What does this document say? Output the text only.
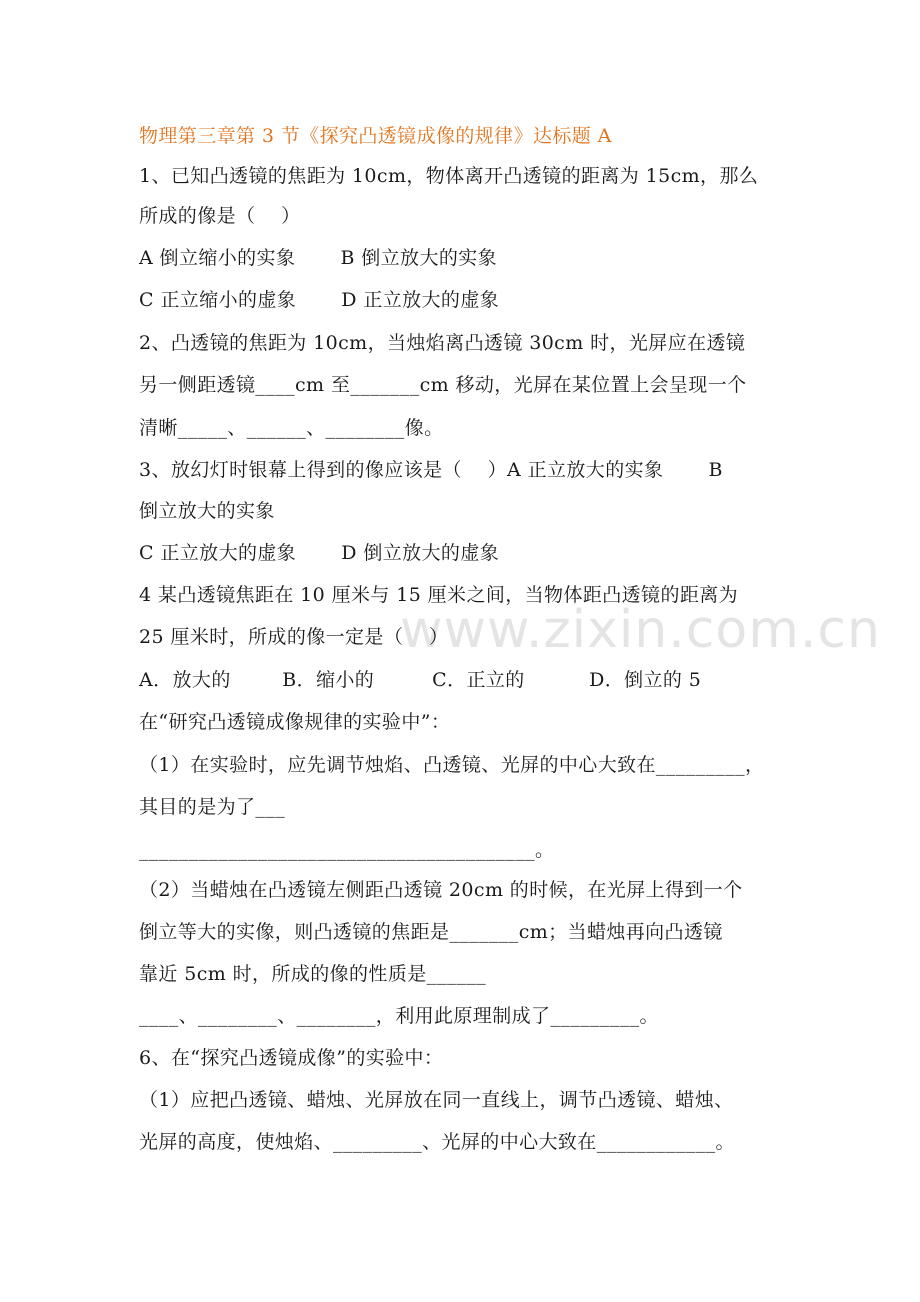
www.zixin.com.cn
物理第三章第 3 节《探究凸透镜成像的规律》达标题 A
1、已知凸透镜的焦距为 10cm，物体离开凸透镜的距离为 15cm，那么
所成的像是（    ）
A 倒立缩小的实象       B 倒立放大的实象
C 正立缩小的虚象       D 正立放大的虚象
2、凸透镜的焦距为 10cm，当烛焰离凸透镜 30cm 时，光屏应在透镜
另一侧距透镜____cm 至_______cm 移动，光屏在某位置上会呈现一个
清晰_____、______、________像。
3、放幻灯时银幕上得到的像应该是（    ）A 正立放大的实象       B
倒立放大的实象
C 正立放大的虚象       D 倒立放大的虚象
4 某凸透镜焦距在 10 厘米与 15 厘米之间，当物体距凸透镜的距离为
25 厘米时，所成的像一定是（    ）
A．放大的        B．缩小的         C．正立的          D．倒立的 5
在“研究凸透镜成像规律的实验中”：
（1）在实验时，应先调节烛焰、凸透镜、光屏的中心大致在_________，
其目的是为了___
________________________________________。
（2）当蜡烛在凸透镜左侧距凸透镜 20cm 的时候，在光屏上得到一个
倒立等大的实像，则凸透镜的焦距是_______cm；当蜡烛再向凸透镜
靠近 5cm 时，所成的像的性质是______
____、________、________，利用此原理制成了_________。
6、在“探究凸透镜成像”的实验中：
（1）应把凸透镜、蜡烛、光屏放在同一直线上，调节凸透镜、蜡烛、
光屏的高度，使烛焰、_________、光屏的中心大致在____________。
